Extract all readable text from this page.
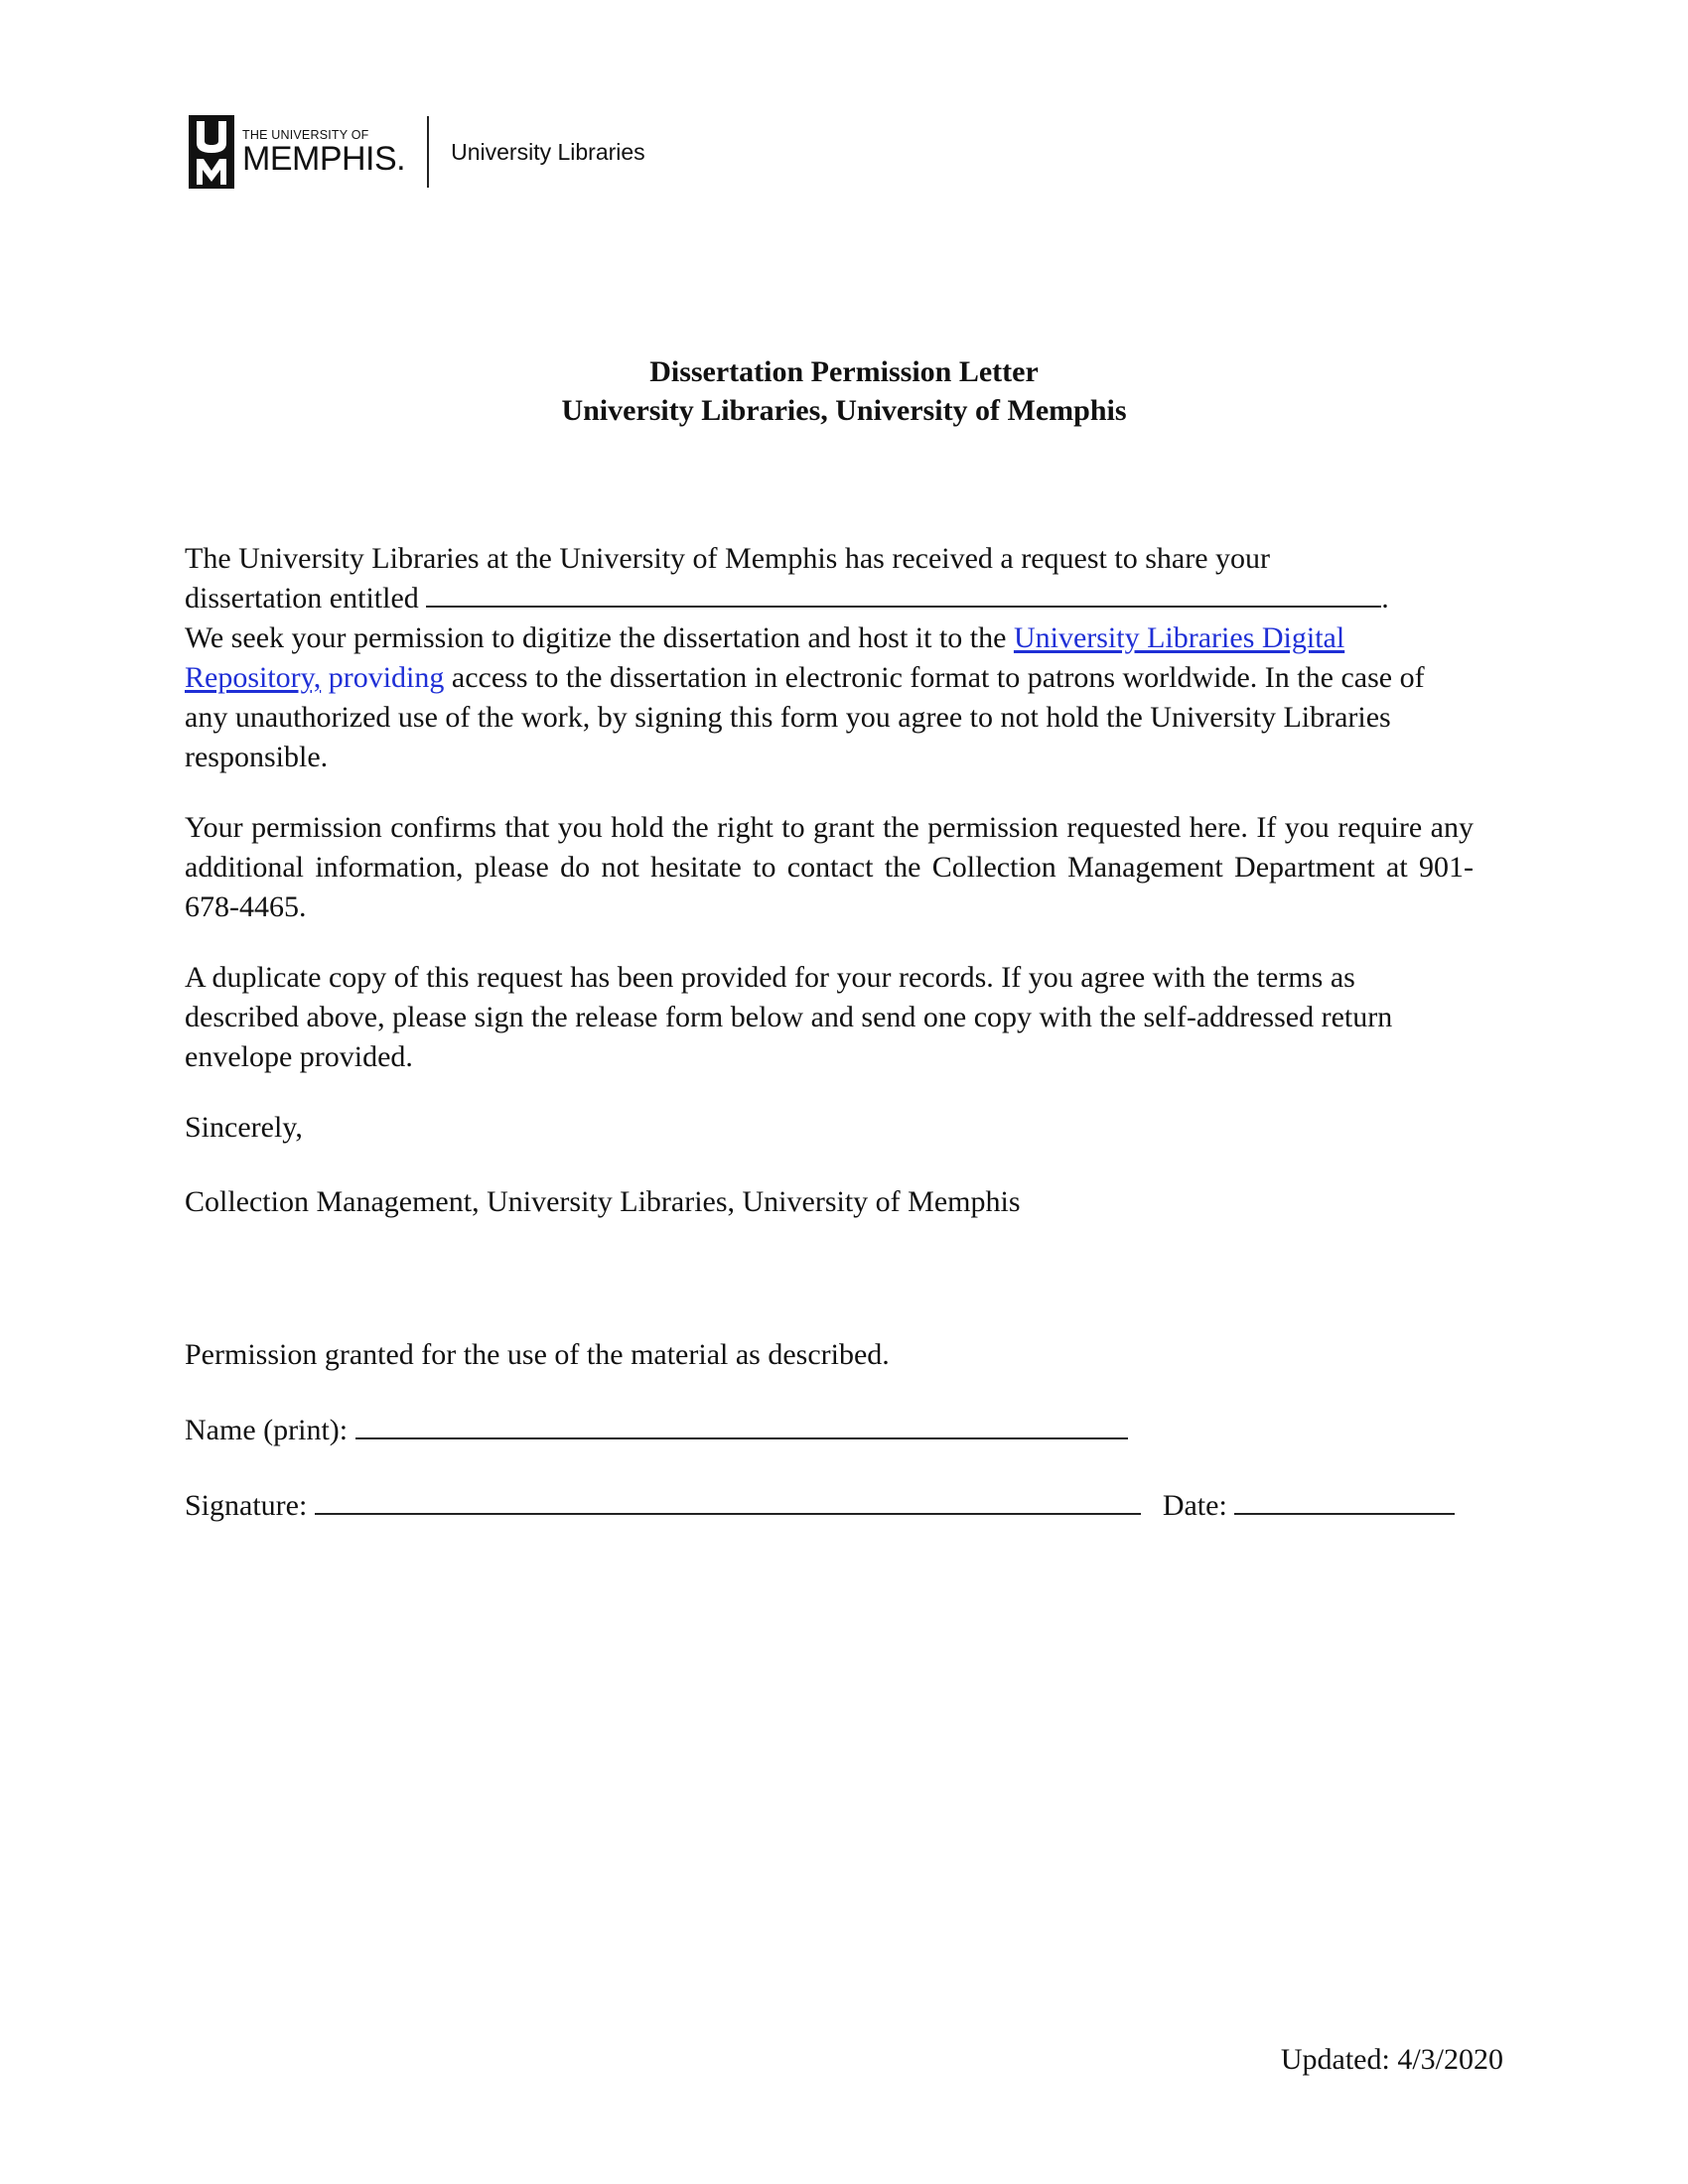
THE UNIVERSITY OF
MEMPHIS. University Libraries
Dissertation Permission Letter
University Libraries, University of Memphis

The University Libraries at the University of Memphis has received a request to share your
dissertation entitled	.
We seek your permission to digitize the dissertation and host it to the University Libraries Digital Repository, providing access to the dissertation in electronic format to patrons worldwide. In the case of any unauthorized use of the work, by signing this form you agree to not hold the University Libraries responsible.

Your permission confirms that you hold the right to grant the permission requested here. If you require any additional information, please do not hesitate to contact the Collection Management Department at 901-678-4465.

A duplicate copy of this request has been provided for your records. If you agree with the terms as described above, please sign the release form below and send one copy with the self-addressed return envelope provided.

Sincerely,

Collection Management, University Libraries, University of Memphis

Permission granted for the use of the material as described.

Name (print):

Signature:	Date:

Updated: 4/3/2020
